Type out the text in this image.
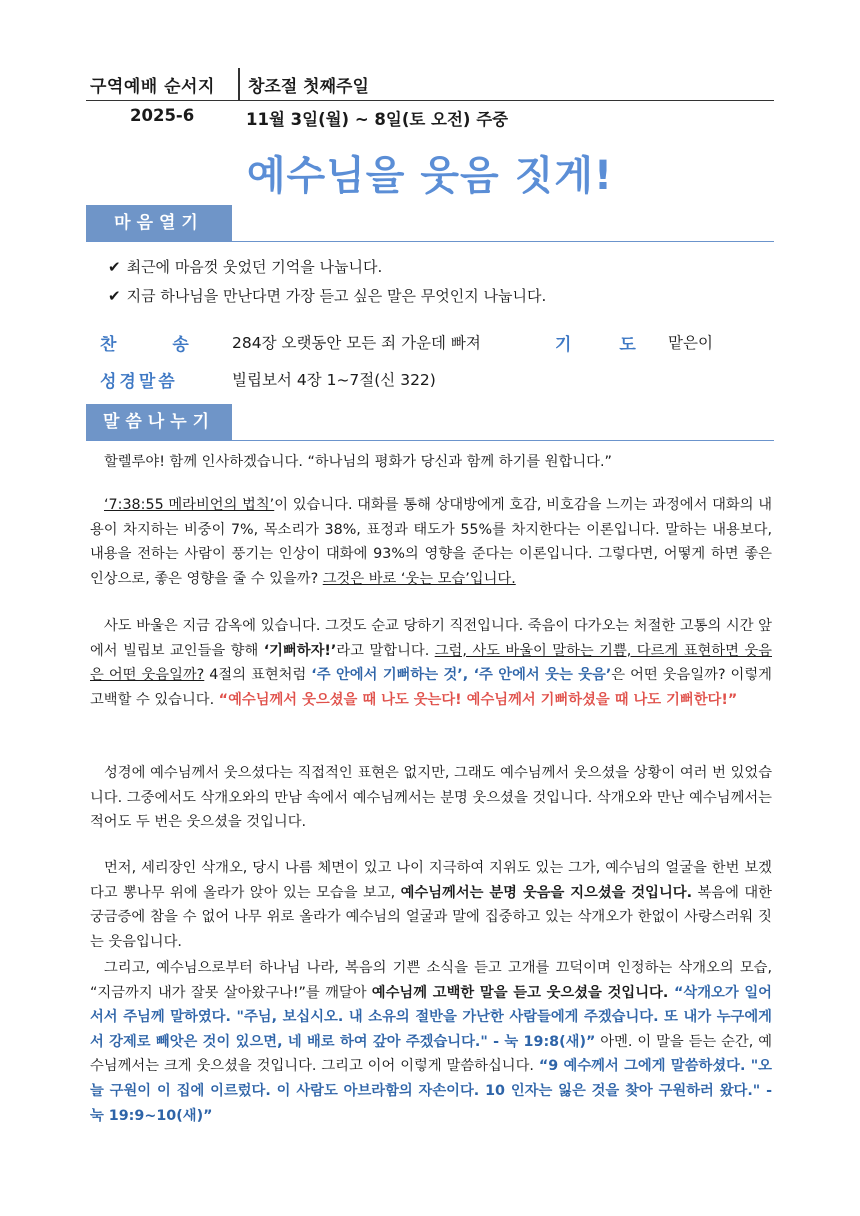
구역예배 순서지 창조절 첫째주일
2025-6	11월 3일(월) ~ 8일(토 오전) 주중
예수님을 웃음 짓게!
마음열기
✔ 최근에 마음껏 웃었던 기억을 나눕니다.
✔ 지금 하나님을 만난다면 가장 듣고 싶은 말은 무엇인지 나눕니다.
찬 송	284장 오랫동안 모든 죄 가운데 빠져	기 도 맡은이
성경말씀	빌립보서 4장 1~7절(신 322)
말씀나누기

할렐루야! 함께 인사하겠습니다. “하나님의 평화가 당신과 함께 하기를 원합니다.”

‘7:38:55 메라비언의 법칙’이 있습니다. 대화를 통해 상대방에게 호감, 비호감을 느끼는 과정에서 대화의 내용이 차지하는 비중이 7%, 목소리가 38%, 표정과 태도가 55%를 차지한다는 이론입니다. 말하는 내용보다, 내용을 전하는 사람이 풍기는 인상이 대화에 93%의 영향을 준다는 이론입니다. 그렇다면, 어떻게 하면 좋은 인상으로, 좋은 영향을 줄 수 있을까? 그것은 바로 ‘웃는 모습’입니다.

사도 바울은 지금 감옥에 있습니다. 그것도 순교 당하기 직전입니다. 죽음이 다가오는 처절한 고통의 시간 앞에서 빌립보 교인들을 향해 ‘기뻐하자!’라고 말합니다. 그럼, 사도 바울이 말하는 기쁨, 다르게 표현하면 웃음은 어떤 웃음일까? 4절의 표현처럼 ‘주 안에서 기뻐하는 것’, ‘주 안에서 웃는 웃음’은 어떤 웃음일까? 이렇게 고백할 수 있습니다. “예수님께서 웃으셨을 때 나도 웃는다! 예수님께서 기뻐하셨을 때 나도 기뻐한다!”

성경에 예수님께서 웃으셨다는 직접적인 표현은 없지만, 그래도 예수님께서 웃으셨을 상황이 여러 번 있었습니다. 그중에서도 삭개오와의 만남 속에서 예수님께서는 분명 웃으셨을 것입니다. 삭개오와 만난 예수님께서는 적어도 두 번은 웃으셨을 것입니다.

먼저, 세리장인 삭개오, 당시 나름 체면이 있고 나이 지극하여 지위도 있는 그가, 예수님의 얼굴을 한번 보겠다고 뽕나무 위에 올라가 앉아 있는 모습을 보고, 예수님께서는 분명 웃음을 지으셨을 것입니다. 복음에 대한 궁금증에 참을 수 없어 나무 위로 올라가 예수님의 얼굴과 말에 집중하고 있는 삭개오가 한없이 사랑스러워 짓는 웃음입니다.

그리고, 예수님으로부터 하나님 나라, 복음의 기쁜 소식을 듣고 고개를 끄덕이며 인정하는 삭개오의 모습, “지금까지 내가 잘못 살아왔구나!”를 깨달아 예수님께 고백한 말을 듣고 웃으셨을 것입니다. “삭개오가 일어서서 주님께 말하였다. "주님, 보십시오. 내 소유의 절반을 가난한 사람들에게 주겠습니다. 또 내가 누구에게서 강제로 빼앗은 것이 있으면, 네 배로 하여 갚아 주겠습니다." - 눅 19:8(새)” 아멘. 이 말을 듣는 순간, 예수님께서는 크게 웃으셨을 것입니다. 그리고 이어 이렇게 말씀하십니다. “9 예수께서 그에게 말씀하셨다. "오늘 구원이 이 집에 이르렀다. 이 사람도 아브라함의 자손이다. 10 인자는 잃은 것을 찾아 구원하러 왔다." - 눅 19:9~10(새)”
